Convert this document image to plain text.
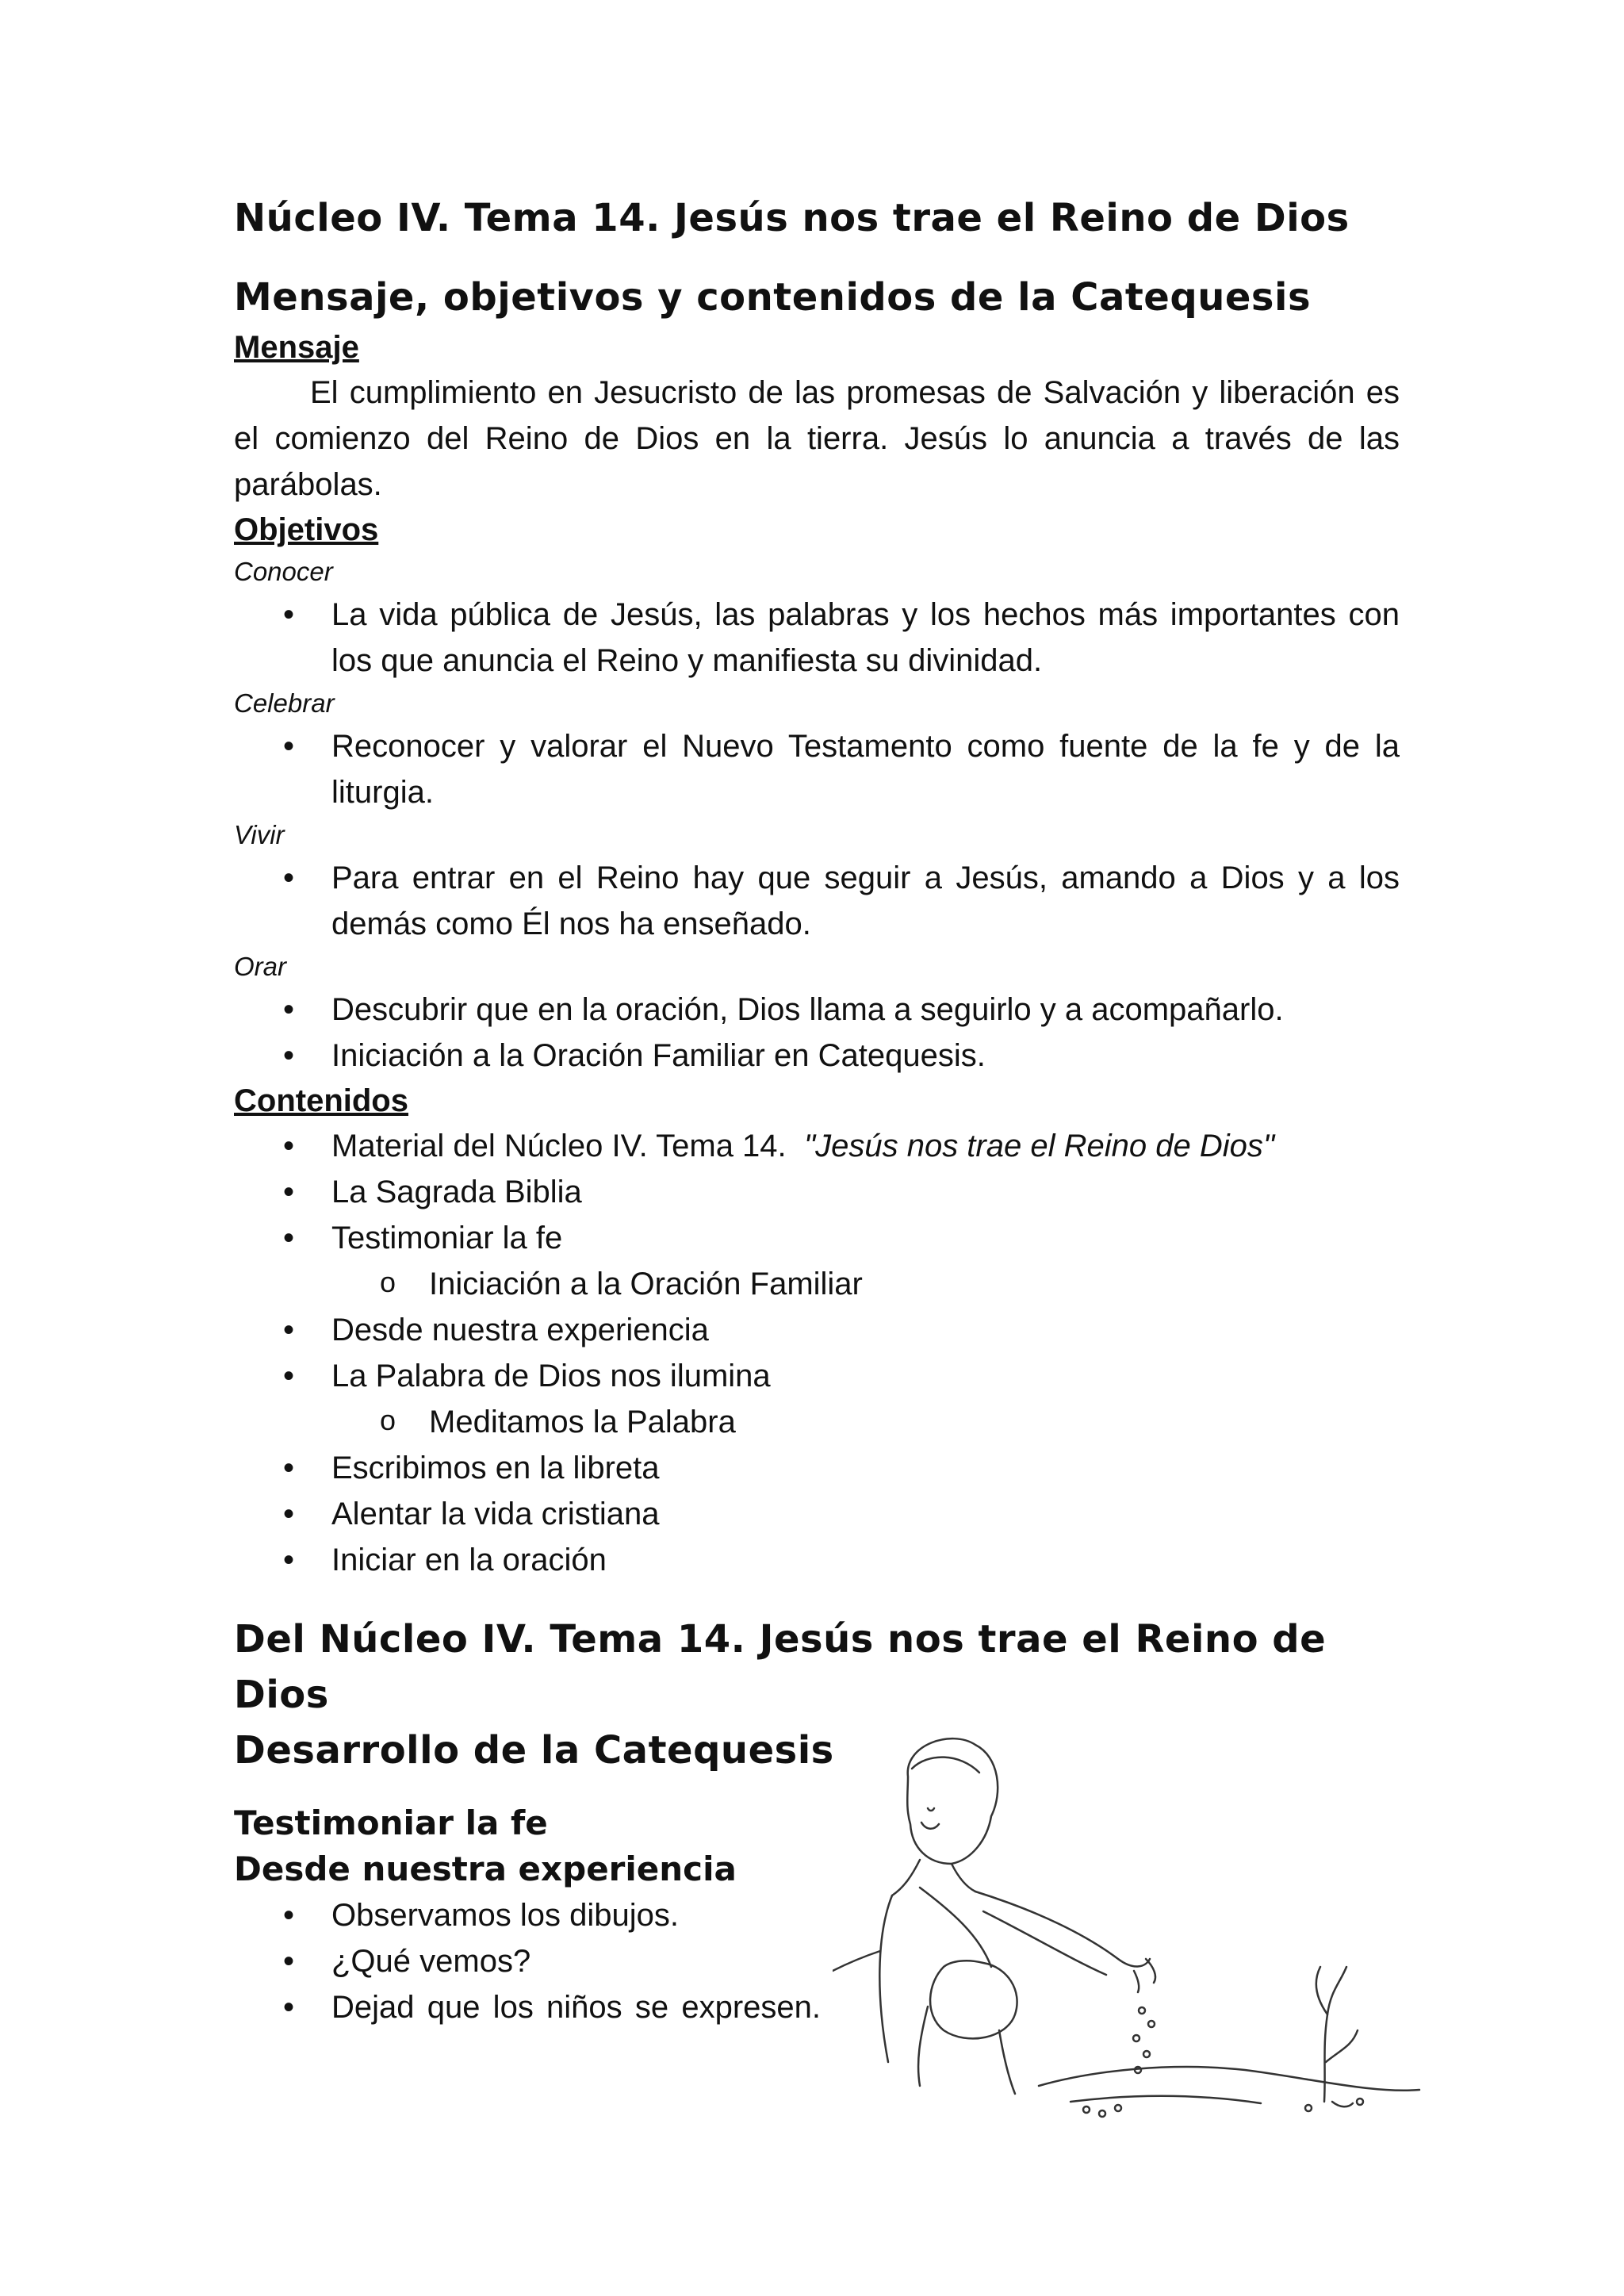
Núcleo IV. Tema 14. Jesús nos trae el Reino de Dios
Mensaje, objetivos y contenidos de la Catequesis

Mensaje

El cumplimiento en Jesucristo de las promesas de Salvación y liberación es el comienzo del Reino de Dios en la tierra. Jesús lo anuncia a través de las parábolas.

Objetivos

Conocer

• La vida pública de Jesús, las palabras y los hechos más importantes con los que anuncia el Reino y manifiesta su divinidad.

Celebrar

• Reconocer y valorar el Nuevo Testamento como fuente de la fe y de la liturgia.

Vivir

• Para entrar en el Reino hay que seguir a Jesús, amando a Dios y a los demás como Él nos ha enseñado.

Orar

• Descubrir que en la oración, Dios llama a seguirlo y a acompañarlo.
• Iniciación a la Oración Familiar en Catequesis.

Contenidos

• Material del Núcleo IV. Tema 14. "Jesús nos trae el Reino de Dios"
• La Sagrada Biblia
• Testimoniar la fe
o Iniciación a la Oración Familiar
• Desde nuestra experiencia
• La Palabra de Dios nos ilumina
o Meditamos la Palabra
• Escribimos en la libreta
• Alentar la vida cristiana
• Iniciar en la oración
Del Núcleo IV. Tema 14. Jesús nos trae el Reino de Dios
Desarrollo de la Catequesis

Testimoniar la fe

Desde nuestra experiencia

• Observamos los dibujos.
• ¿Qué vemos?
• Dejad que los niños se expresen.
